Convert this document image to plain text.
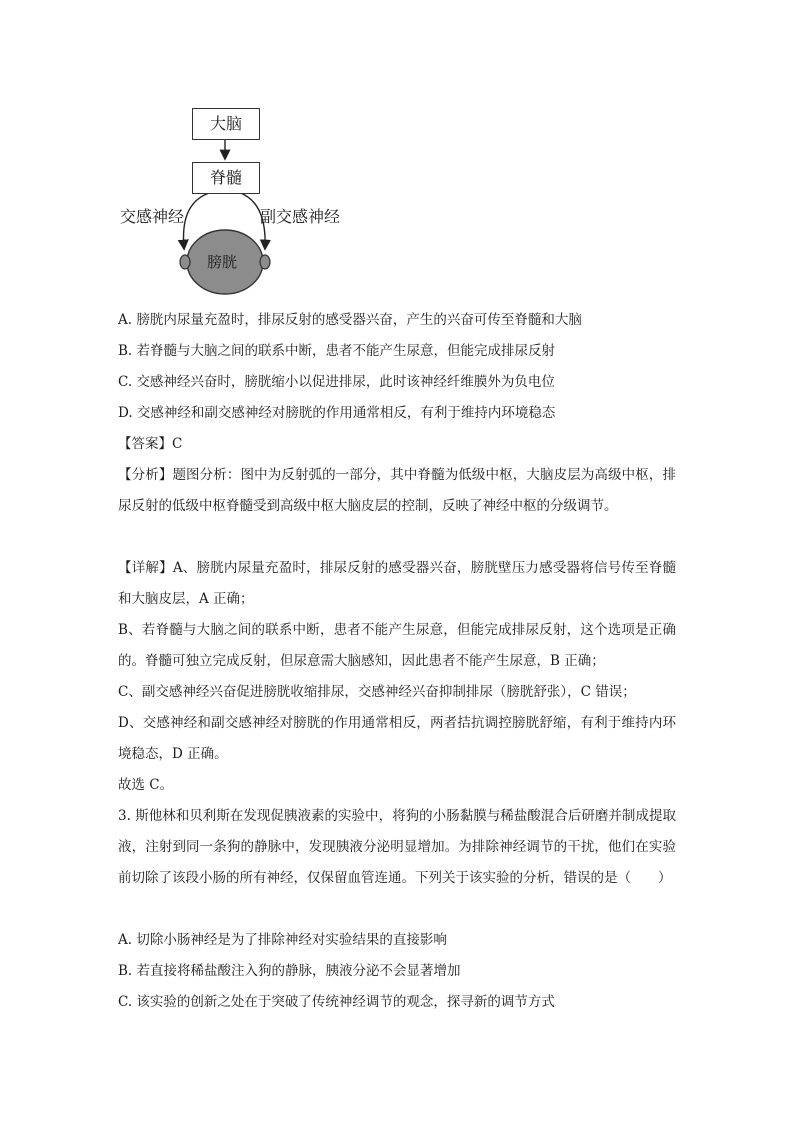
大脑
脊髓
交感神经	副交感神经
膀胱
A. 膀胱内尿量充盈时，排尿反射的感受器兴奋，产生的兴奋可传至脊髓和大脑
B. 若脊髓与大脑之间的联系中断，患者不能产生尿意，但能完成排尿反射
C. 交感神经兴奋时，膀胱缩小以促进排尿，此时该神经纤维膜外为负电位
D. 交感神经和副交感神经对膀胱的作用通常相反，有利于维持内环境稳态
【答案】C
【分析】题图分析：图中为反射弧的一部分，其中脊髓为低级中枢，大脑皮层为高级中枢，排尿反射的低级中枢脊髓受到高级中枢大脑皮层的控制，反映了神经中枢的分级调节。
【详解】A、膀胱内尿量充盈时，排尿反射的感受器兴奋，膀胱壁压力感受器将信号传至脊髓和大脑皮层，A 正确；
B、若脊髓与大脑之间的联系中断，患者不能产生尿意，但能完成排尿反射，这个选项是正确的。脊髓可独立完成反射，但尿意需大脑感知，因此患者不能产生尿意，B 正确；
C、副交感神经兴奋促进膀胱收缩排尿，交感神经兴奋抑制排尿（膀胱舒张），C 错误；
D、交感神经和副交感神经对膀胱的作用通常相反，两者拮抗调控膀胱舒缩，有利于维持内环境稳态，D 正确。
故选 C。
3. 斯他林和贝利斯在发现促胰液素的实验中，将狗的小肠黏膜与稀盐酸混合后研磨并制成提取液，注射到同一条狗的静脉中，发现胰液分泌明显增加。为排除神经调节的干扰，他们在实验前切除了该段小肠的所有神经，仅保留血管连通。下列关于该实验的分析，错误的是（　　）
A. 切除小肠神经是为了排除神经对实验结果的直接影响
B. 若直接将稀盐酸注入狗的静脉，胰液分泌不会显著增加
C. 该实验的创新之处在于突破了传统神经调节的观念，探寻新的调节方式
